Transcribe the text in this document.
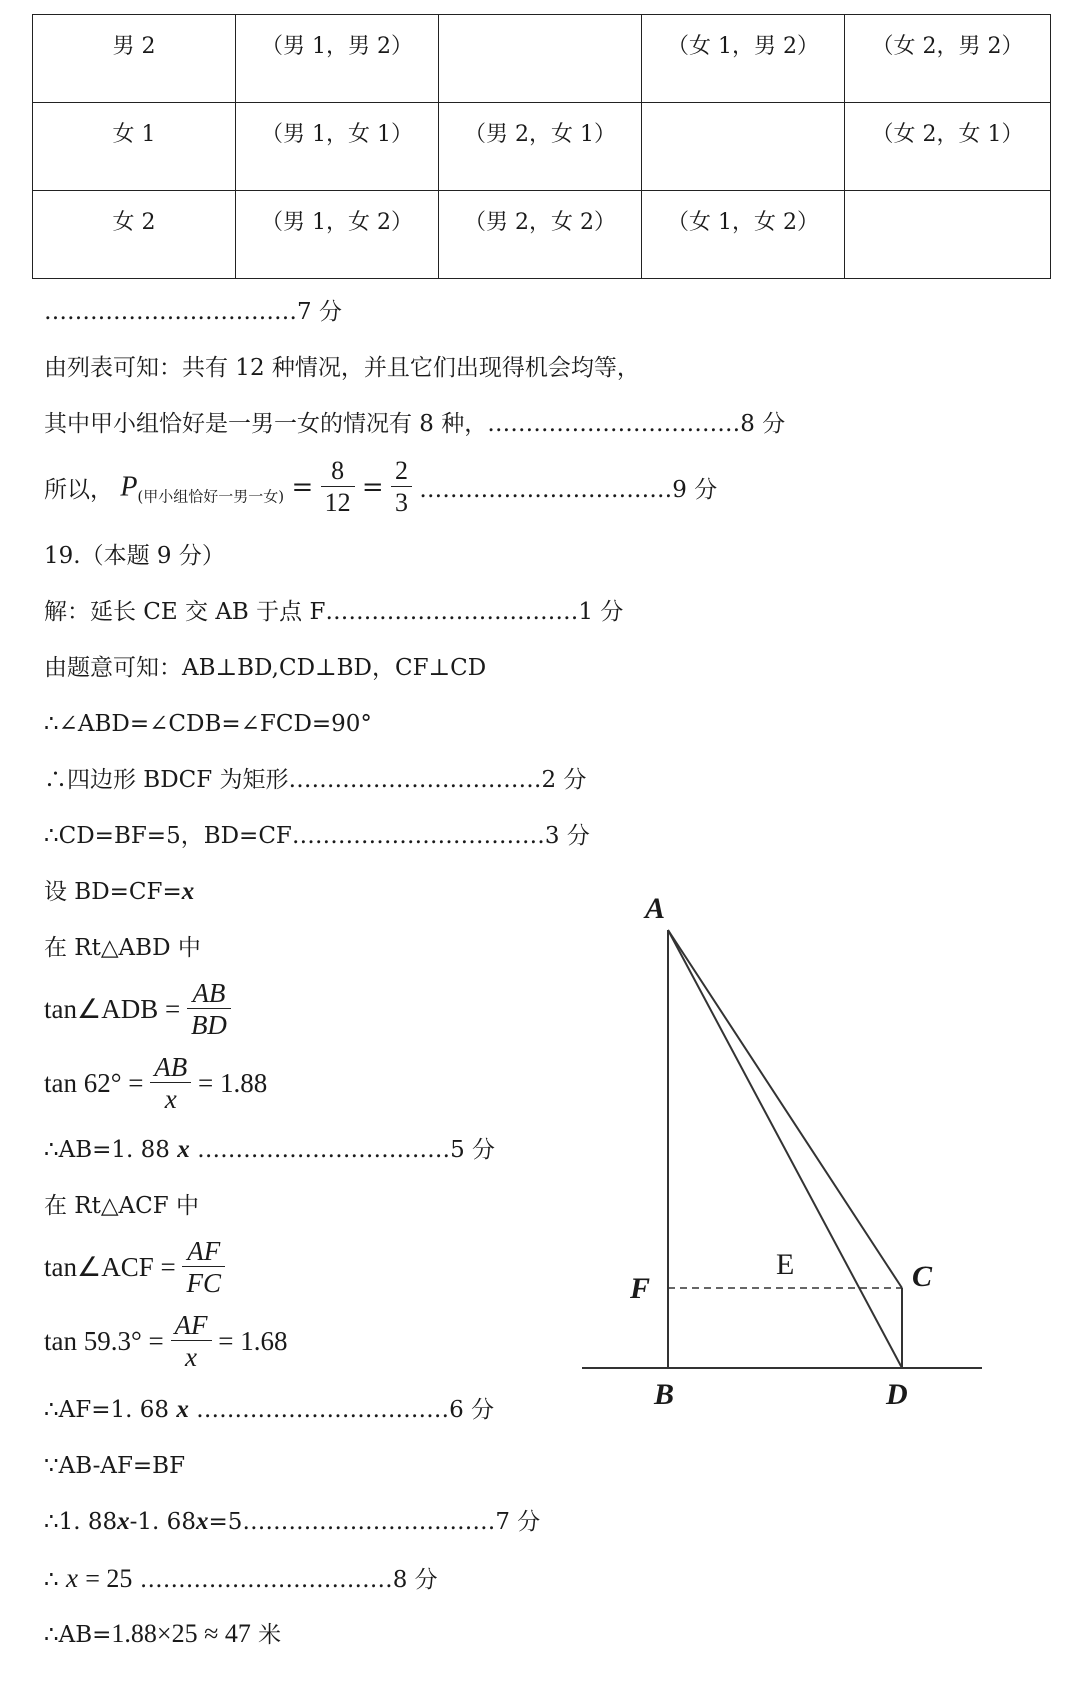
男 2	（男 1，男 2）		（女 1，男 2）	（女 2，男 2）
女 1	（男 1，女 1）	（男 2，女 1）		（女 2，女 1）
女 2	（男 1，女 2）	（男 2，女 2）	（女 1，女 2）	
……………………………7 分
由列表可知：共有 12 种情况，并且它们出现得机会均等，
其中甲小组恰好是一男一女的情况有 8 种，……………………………8 分
所以， $P_{(甲小组恰好一男一女)} = \frac{8}{12} = \frac{2}{3}$ ……………………………9 分
19.（本题 9 分）
解：延长 CE 交 AB 于点 F……………………………1 分
由题意可知：AB⊥BD,CD⊥BD，CF⊥CD
∴∠ABD=∠CDB=∠FCD=90°
∴四边形 BDCF 为矩形……………………………2 分
∴CD=BF=5，BD=CF……………………………3 分
设 BD=CF=x
在 Rt△ABD 中
tan∠ADB = $\frac{AB}{BD}$
$\tan 62^\circ = \frac{AB}{x} = 1.88$
∴AB=1. 88 x ……………………………5 分
在 Rt△ACF 中
tan∠ACF = $\frac{AF}{FC}$
$\tan 59.3^\circ = \frac{AF}{x} = 1.68$
∴AF=1. 68 x ……………………………6 分
∵AB-AF=BF
∴1. 88x-1. 68x=5……………………………7 分
∴ x = 25 ……………………………8 分
∴AB=1.88×25 ≈ 47 米
A
F
E	C
B	D
